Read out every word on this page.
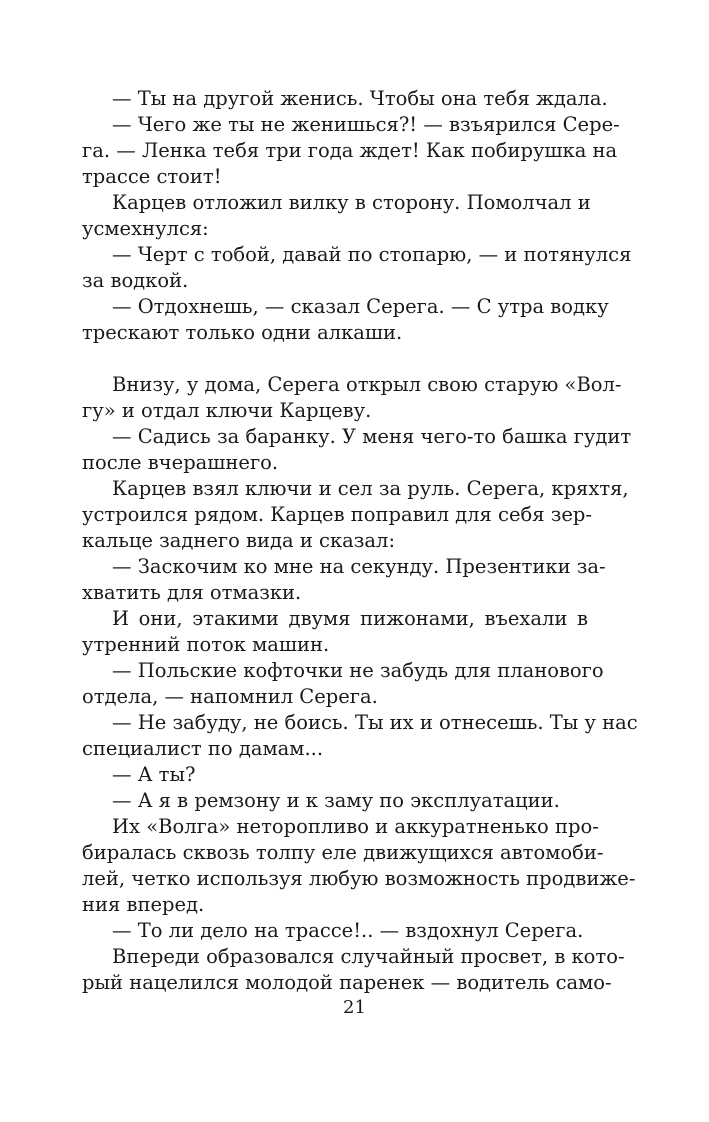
— Ты на другой женись. Чтобы она тебя ждала.
— Чего же ты не женишься?! — взъярился Сере-
га. — Ленка тебя три года ждет! Как побирушка на
трассе стоит!
Карцев отложил вилку в сторону. Помолчал и
усмехнулся:
— Черт с тобой, давай по стопарю, — и потянулся
за водкой.
— Отдохнешь, — сказал Серега. — С утра водку
трескают только одни алкаши.
Внизу, у дома, Серега открыл свою старую «Вол-
гу» и отдал ключи Карцеву.
— Садись за баранку. У меня чего-то башка гудит
после вчерашнего.
Карцев взял ключи и сел за руль. Серега, кряхтя,
устроился рядом. Карцев поправил для себя зер-
кальце заднего вида и сказал:
— Заскочим ко мне на секунду. Презентики за-
хватить для отмазки.
И они, этакими двумя пижонами, въехали в
утренний поток машин.
— Польские кофточки не забудь для планового
отдела, — напомнил Серега.
— Не забуду, не боись. Ты их и отнесешь. Ты у нас
специалист по дамам...
— А ты?
— А я в ремзону и к заму по эксплуатации.
Их «Волга» неторопливо и аккуратненько про-
биралась сквозь толпу еле движущихся автомоби-
лей, четко используя любую возможность продвиже-
ния вперед.
— То ли дело на трассе!.. — вздохнул Серега.
Впереди образовался случайный просвет, в кото-
рый нацелился молодой паренек — водитель само-
21
